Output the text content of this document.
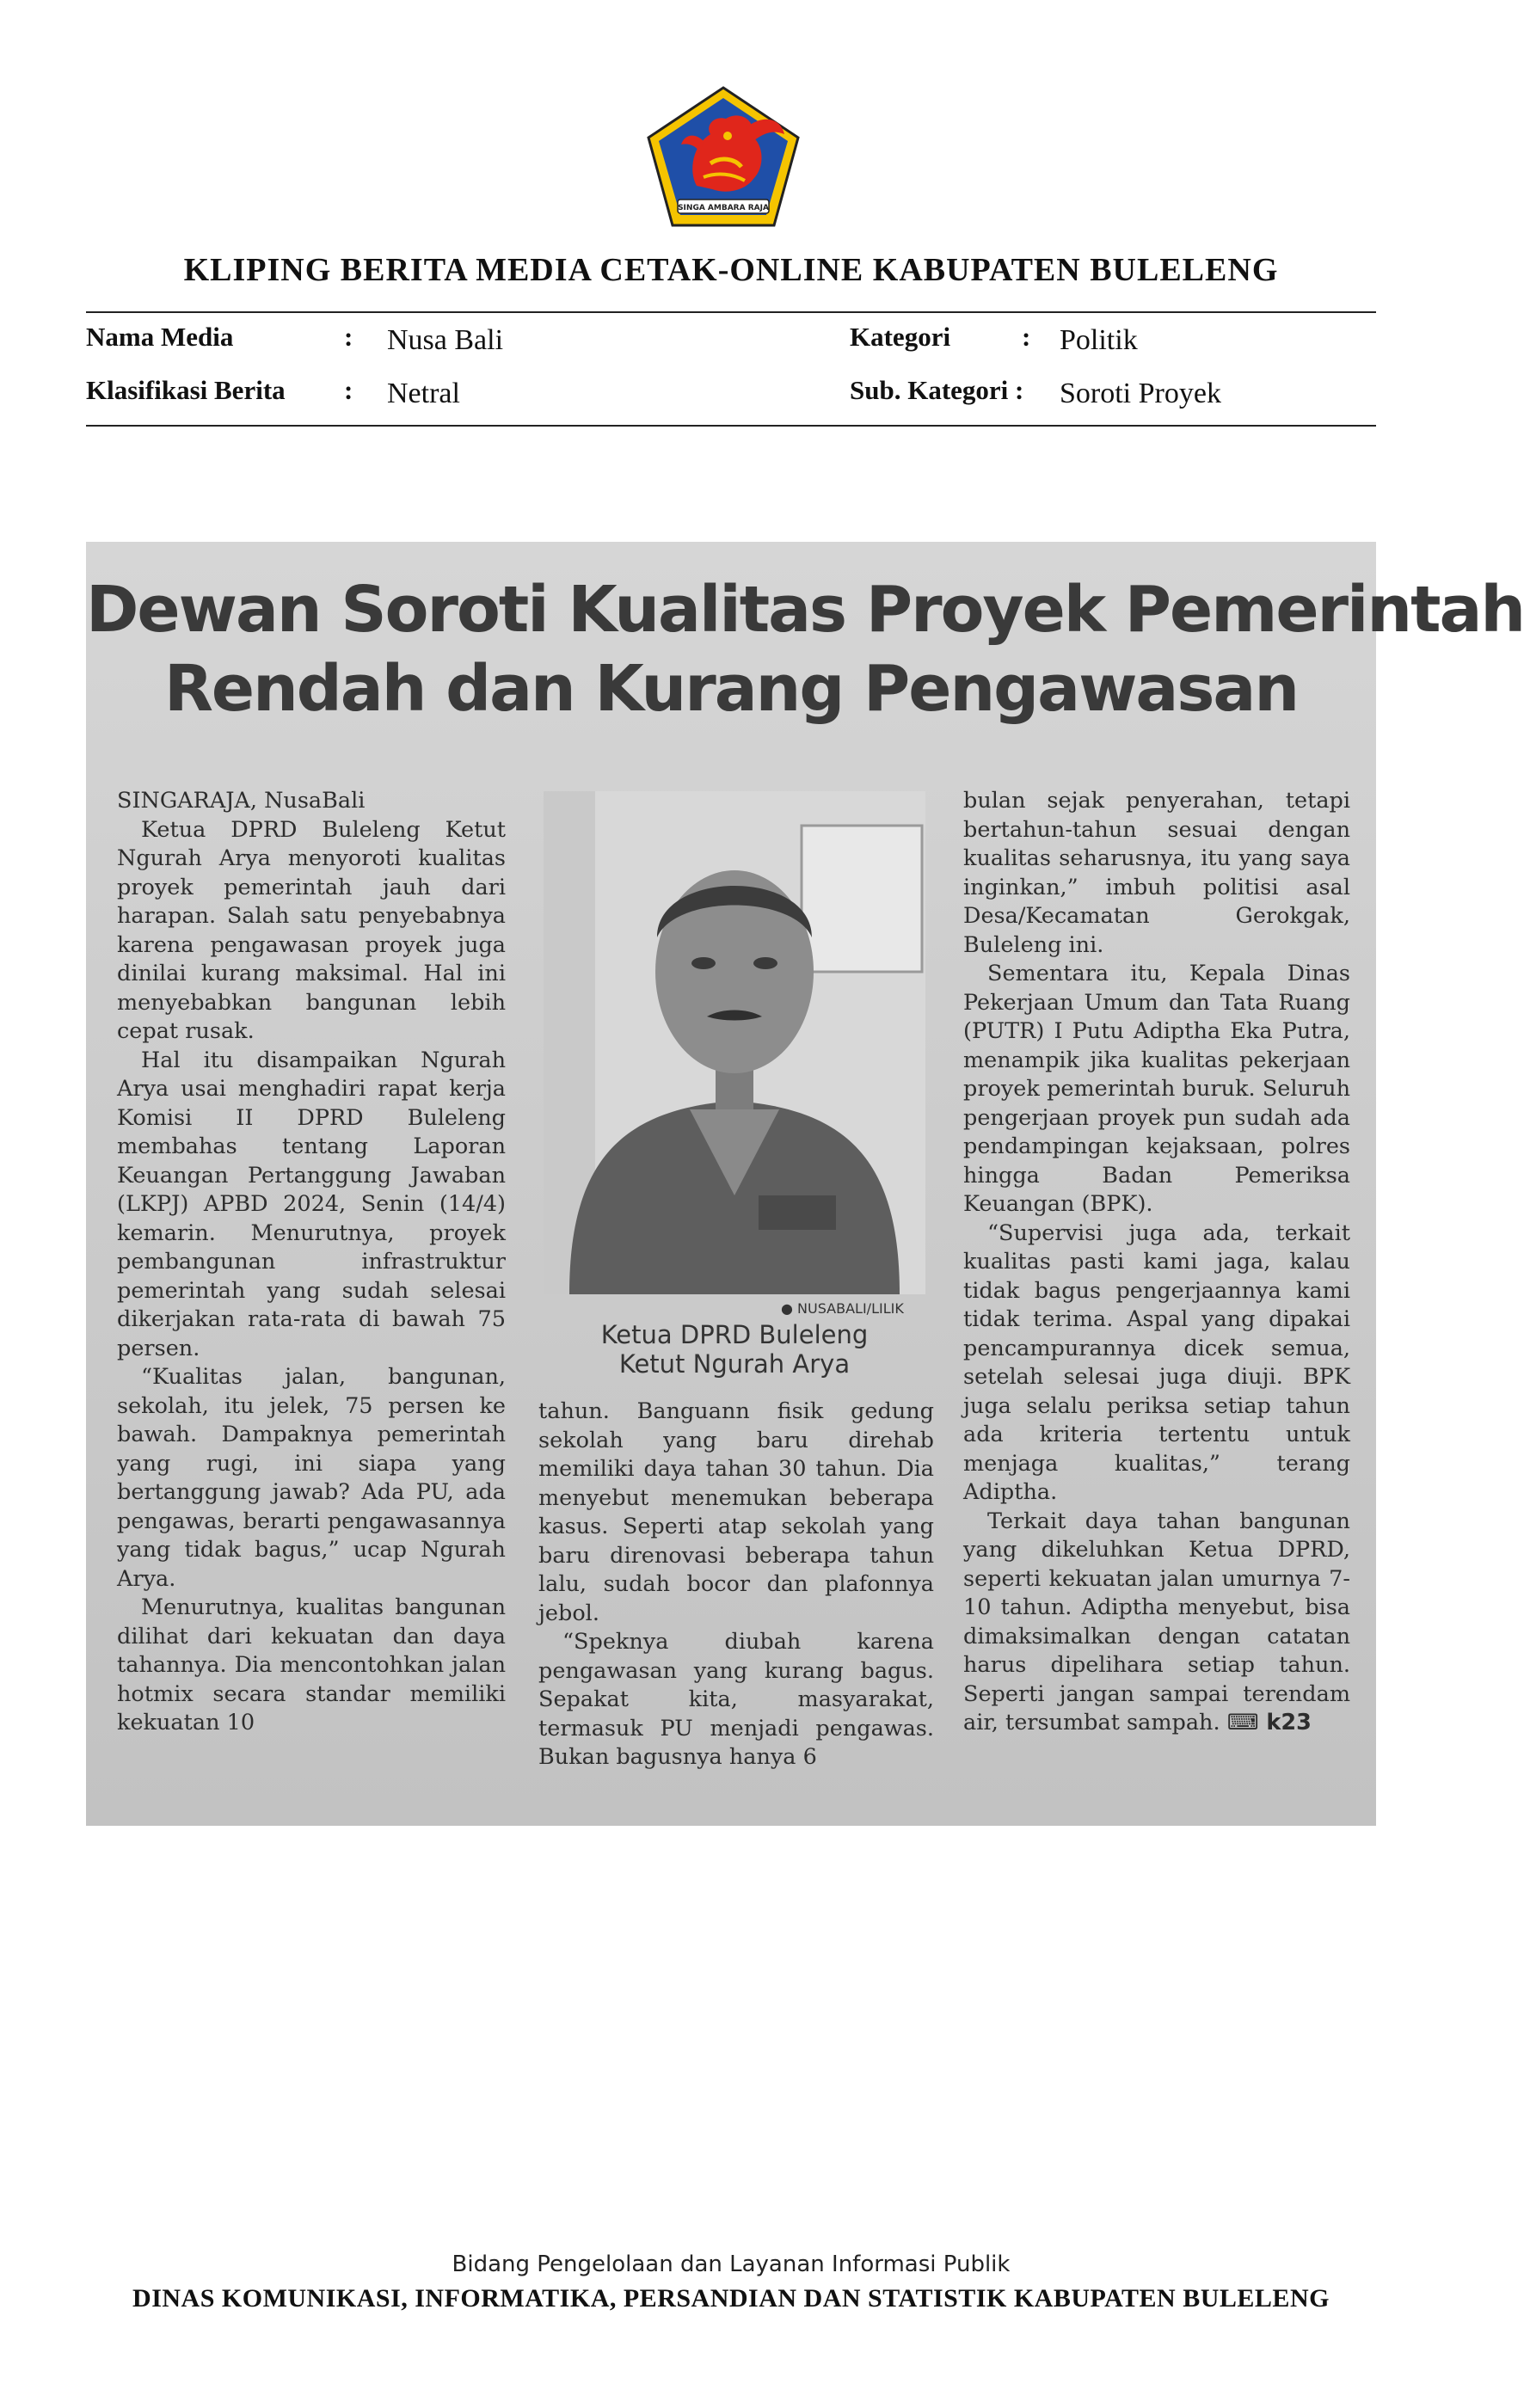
SINGA AMBARA RAJA
KLIPING BERITA MEDIA CETAK-ONLINE KABUPATEN BULELENG
Nama Media	: Nusa Bali
Klasifikasi Berita : Netral
Kategori	: Politik
Sub. Kategori : Soroti Proyek
Dewan Soroti Kualitas Proyek Pemerintah
Rendah dan Kurang Pengawasan

SINGARAJA, NusaBali

Ketua DPRD Buleleng Ketut Ngurah Arya menyoroti kualitas proyek pemerintah jauh dari harapan. Salah satu penyebabnya karena pengawasan proyek juga dinilai kurang maksimal. Hal ini menyebabkan bangunan lebih cepat rusak.

Hal itu disampaikan Ngurah Arya usai menghadiri rapat kerja Komisi II DPRD Buleleng membahas tentang Laporan Keuangan Pertanggung Jawaban (LKPJ) APBD 2024, Senin (14/4) kemarin. Menurutnya, proyek pembangunan infrastruktur pemerintah yang sudah selesai dikerjakan rata-rata di bawah 75 persen.

“Kualitas jalan, bangunan, sekolah, itu jelek, 75 persen ke bawah. Dampaknya pemerintah yang rugi, ini siapa yang bertanggung jawab? Ada PU, ada pengawas, berarti pengawasannya yang tidak bagus,” ucap Ngurah Arya.

Menurutnya, kualitas bangunan dilihat dari kekuatan dan daya tahannya. Dia mencontohkan jalan hotmix secara standar memiliki kekuatan 10

● NUSABALI/LILIK
Ketua DPRD Buleleng
Ketut Ngurah Arya

tahun. Banguann fisik gedung sekolah yang baru direhab memiliki daya tahan 30 tahun. Dia menyebut menemukan beberapa kasus. Seperti atap sekolah yang baru direnovasi beberapa tahun lalu, sudah bocor dan plafonnya jebol.

“Speknya diubah karena pengawasan yang kurang bagus. Sepakat kita, masyarakat, termasuk PU menjadi pengawas. Bukan bagusnya hanya 6

bulan sejak penyerahan, tetapi bertahun-tahun sesuai dengan kualitas seharusnya, itu yang saya inginkan,” imbuh politisi asal Desa/Kecamatan Gerokgak, Buleleng ini.

Sementara itu, Kepala Dinas Pekerjaan Umum dan Tata Ruang (PUTR) I Putu Adiptha Eka Putra, menampik jika kualitas pekerjaan proyek pemerintah buruk. Seluruh pengerjaan proyek pun sudah ada pendampingan kejaksaan, polres hingga Badan Pemeriksa Keuangan (BPK).

“Supervisi juga ada, terkait kualitas pasti kami jaga, kalau tidak bagus pengerjaannya kami tidak terima. Aspal yang dipakai pencampurannya dicek semua, setelah selesai juga diuji. BPK juga selalu periksa setiap tahun ada kriteria tertentu untuk menjaga kualitas,” terang Adiptha.

Terkait daya tahan bangunan yang dikeluhkan Ketua DPRD, seperti kekuatan jalan umurnya 7-10 tahun. Adiptha menyebut, bisa dimaksimalkan dengan catatan harus dipelihara setiap tahun. Seperti jangan sampai terendam air, tersumbat sampah. ⌨ k23

Bidang Pengelolaan dan Layanan Informasi Publik
DINAS KOMUNIKASI, INFORMATIKA, PERSANDIAN DAN STATISTIK KABUPATEN BULELENG
